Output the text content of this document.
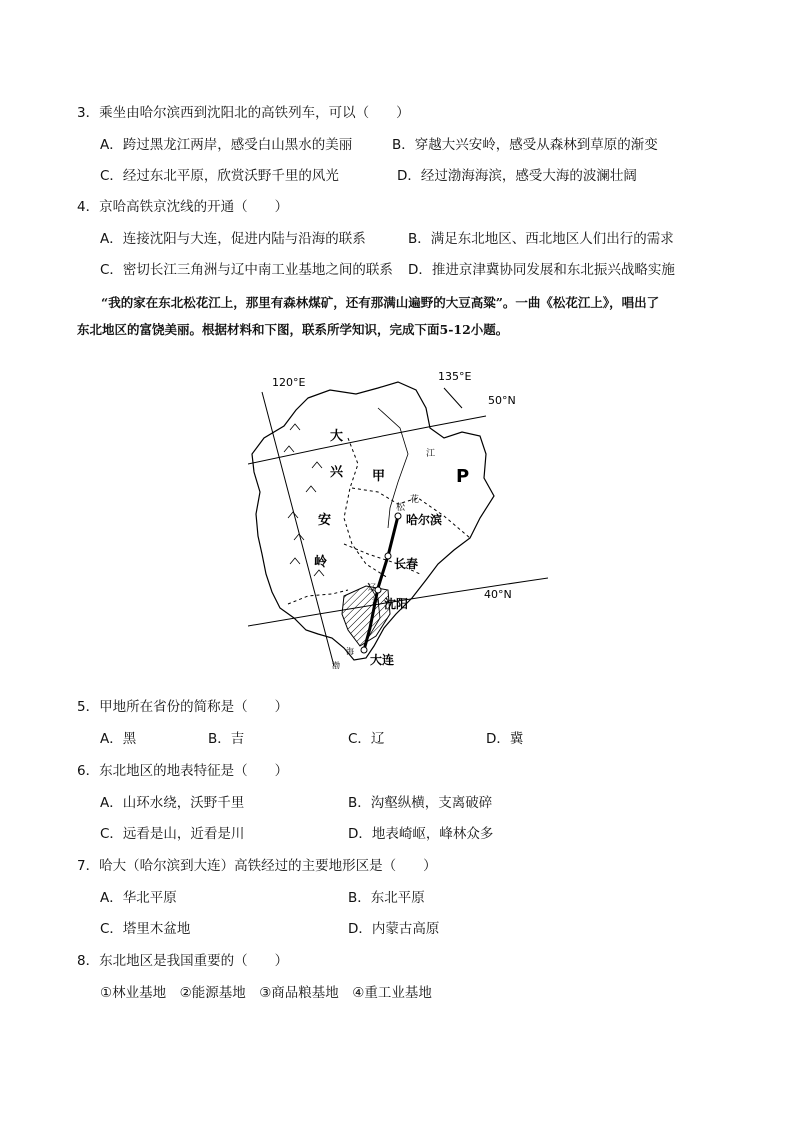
3．乘坐由哈尔滨西到沈阳北的高铁列车，可以（　　）
A．跨过黑龙江两岸，感受白山黑水的美丽	B．穿越大兴安岭，感受从森林到草原的渐变
C．经过东北平原，欣赏沃野千里的风光	D．经过渤海海滨，感受大海的波澜壮阔
4．京哈高铁京沈线的开通（　　）
A．连接沈阳与大连，促进内陆与沿海的联系	B．满足东北地区、西北地区人们出行的需求
C．密切长江三角洲与辽中南工业基地之间的联系 D．推进京津冀协同发展和东北振兴战略实施

“我的家在东北松花江上，那里有森林煤矿，还有那满山遍野的大豆高粱”。一曲《松花江上》，唱出了

东北地区的富饶美丽。根据材料和下图，联系所学知识，完成下面5-12小题。

120°E	135°E
50°N
40°N
大
兴
安
岭
甲	P
江
花
松
哈尔滨
长春
沈阳
大连
辽
河
渤
海
5．甲地所在省份的简称是（　　）
A．黑	B．吉	C．辽	D．冀
6．东北地区的地表特征是（　　）
A．山环水绕，沃野千里	B．沟壑纵横，支离破碎
C．远看是山，近看是川	D．地表崎岖，峰林众多
7．哈大（哈尔滨到大连）高铁经过的主要地形区是（　　）
A．华北平原	B．东北平原
C．塔里木盆地	D．内蒙古高原
8．东北地区是我国重要的（　　）
①林业基地　②能源基地　③商品粮基地　④重工业基地
